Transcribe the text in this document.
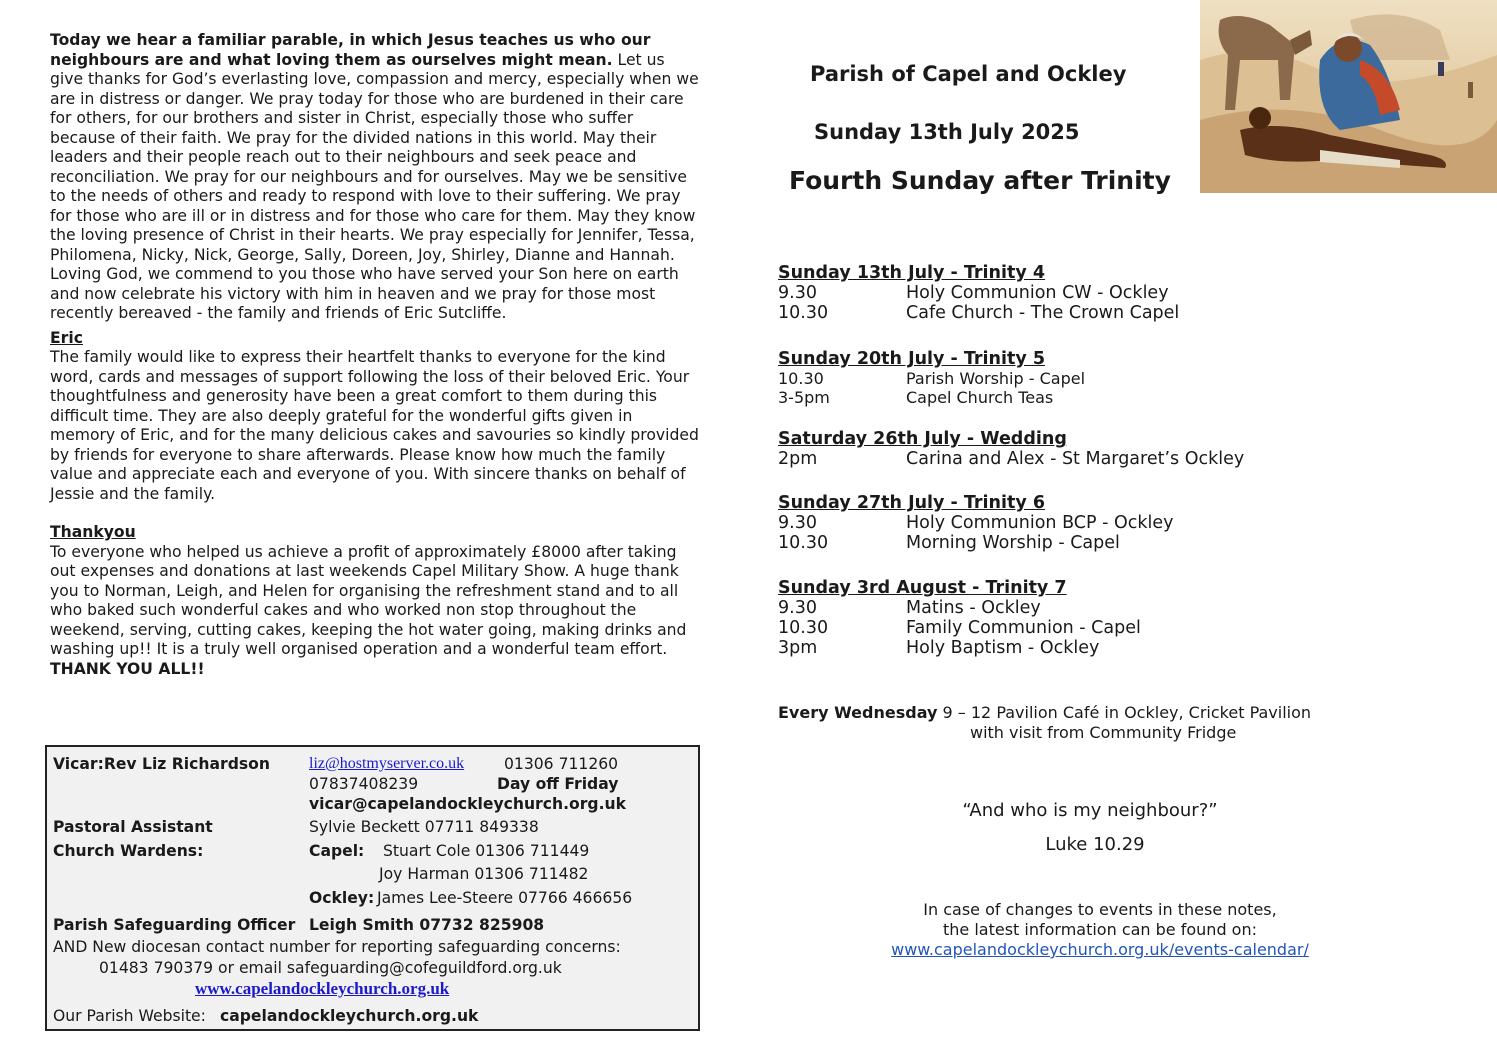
Today we hear a familiar parable, in which Jesus teaches us who our neighbours are and what loving them as ourselves might mean. Let us give thanks for God’s everlasting love, compassion and mercy, especially when we are in distress or danger. We pray today for those who are burdened in their care for others, for our brothers and sister in Christ, especially those who suffer because of their faith. We pray for the divided nations in this world. May their leaders and their people reach out to their neighbours and seek peace and reconciliation. We pray for our neighbours and for ourselves. May we be sensitive to the needs of others and ready to respond with love to their suffering. We pray for those who are ill or in distress and for those who care for them. May they know the loving presence of Christ in their hearts. We pray especially for Jennifer, Tessa, Philomena, Nicky, Nick, George, Sally, Doreen, Joy, Shirley, Dianne and Hannah. Loving God, we commend to you those who have served your Son here on earth and now celebrate his victory with him in heaven and we pray for those most recently bereaved - the family and friends of Eric Sutcliffe.

Eric

The family would like to express their heartfelt thanks to everyone for the kind word, cards and messages of support following the loss of their beloved Eric. Your thoughtfulness and generosity have been a great comfort to them during this difficult time. They are also deeply grateful for the wonderful gifts given in memory of Eric, and for the many delicious cakes and savouries so kindly provided by friends for everyone to share afterwards. Please know how much the family value and appreciate each and everyone of you. With sincere thanks on behalf of Jessie and the family.

Thankyou

To everyone who helped us achieve a profit of approximately £8000 after taking out expenses and donations at last weekends Capel Military Show. A huge thank you to Norman, Leigh, and Helen for organising the refreshment stand and to all who baked such wonderful cakes and who worked non stop throughout the weekend, serving, cutting cakes, keeping the hot water going, making drinks and washing up!! It is a truly well organised operation and a wonderful team effort. THANK YOU ALL!!

Vicar:Rev Liz Richardson liz@hostmyserver.co.uk	01306 711260
07837408239	Day off Friday
vicar@capelandockleychurch.org.uk
Pastoral Assistant	Sylvie Beckett 07711 849338
Church Wardens:	Capel: Stuart Cole 01306 711449
Joy Harman 01306 711482
Ockley: James Lee-Steere 07766 466656
Parish Safeguarding Officer Leigh Smith 07732 825908
AND New diocesan contact number for reporting safeguarding concerns:
01483 790379 or email safeguarding@cofeguildford.org.uk
www.capelandockleychurch.org.uk
Our Parish Website: capelandockleychurch.org.uk
Parish of Capel and Ockley
Sunday 13th July 2025
Fourth Sunday after Trinity
Sunday 13th July - Trinity 4
9.30	Holy Communion CW - Ockley
10.30	Cafe Church - The Crown Capel
Sunday 20th July - Trinity 5
10.30	Parish Worship - Capel
3-5pm	Capel Church Teas
Saturday 26th July - Wedding
2pm	Carina and Alex - St Margaret’s Ockley
Sunday 27th July - Trinity 6
9.30	Holy Communion BCP - Ockley
10.30	Morning Worship - Capel
Sunday 3rd August - Trinity 7
9.30	Matins - Ockley
10.30	Family Communion - Capel
3pm	Holy Baptism - Ockley
Every Wednesday 9 – 12 Pavilion Café in Ockley, Cricket Pavilion
with visit from Community Fridge
“And who is my neighbour?”
Luke 10.29
In case of changes to events in these notes,
the latest information can be found on:
www.capelandockleychurch.org.uk/events-calendar/
